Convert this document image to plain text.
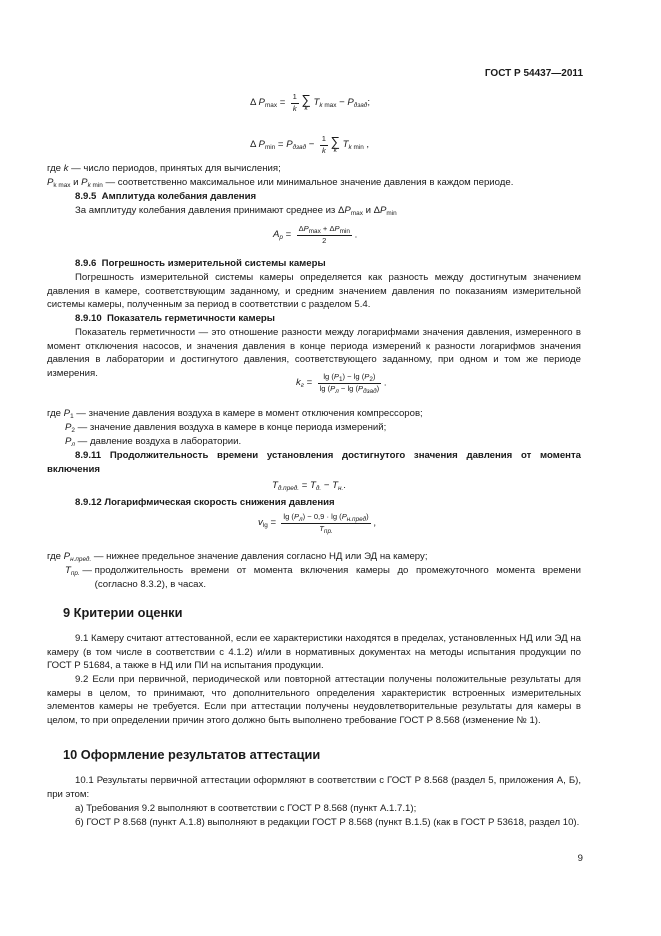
ГОСТ Р 54437—2011
Δ $P_{max} = \frac{1}{k}$
∑
k
$T_{k max} - P_{дзад}$;
Δ $P_{min} = P_{дзад} - \frac{1}{k}$
∑
k
$T_{k min}$ ,
где k — число периодов, принятых для вычисления;
$P_{k max}$ и $P_{k min}$ — соответственно максимальное или минимальное значение давления в каждом периоде.
8.9.5  Амплитуда колебания давления
За амплитуду колебания давления принимают среднее из $\Delta P_{max}$ и $\Delta P_{min}$
$A_p = \frac{\Delta P_{max} + \Delta P_{min}}{2}$ .
8.9.6  Погрешность измерительной системы камеры
Погрешность измерительной системы камеры определяется как разность между достигнутым значением давления в камере, соответствующим заданному, и средним значением давления по показаниям измерительной системы камеры, полученным за период в соответствии с разделом 5.4.
8.9.10  Показатель герметичности камеры
Показатель герметичности — это отношение разности между логарифмами значения давления, измеренного в момент отключения насосов, и значения давления в конце периода измерений к разности логарифмов значения давления в лаборатории и достигнутого давления, соответствующего заданному, при одном и том же периоде измерения.
$k_г = \frac{\lg (P_1) - \lg (P_2)}{\lg (P_л - \lg (P_{дзад})}$ .
где $P_1$ — значение давления воздуха в камере в момент отключения компрессоров;
$P_2$ — значение давления воздуха в камере в конце периода измерений;
$P_л$ — давление воздуха в лаборатории.
8.9.11 Продолжительность времени установления достигнутого значения давления от момента включения
$T_{д.пред.} = T_{д.} - T_{н.}$.
8.9.12 Логарифмическая скорость снижения давления
$v_{lg} = \frac{\lg (P_л) - 0,9 \cdot \lg (P_{н.пред})}{T_{пр.}}$ ,
где $P_{н.пред.}$ — нижнее предельное значение давления согласно НД или ЭД на камеру;
$T_{пр.}$ — продолжительность времени от момента включения камеры до промежуточного момента времени (согласно 8.3.2), в часах.
9 Критерии оценки
9.1 Камеру считают аттестованной, если ее характеристики находятся в пределах, установленных НД или ЭД на камеру (в том числе в соответствии с 4.1.2) и/или в нормативных документах на методы испытания продукции по ГОСТ Р 51684, а также в НД или ПИ на испытания продукции.
9.2 Если при первичной, периодической или повторной аттестации получены положительные результаты для камеры в целом, то принимают, что дополнительного определения характеристик встроенных измерительных элементов камеры не требуется. Если при аттестации получены неудовлетворительные результаты для камеры в целом, то при определении причин этого должно быть выполнено требование ГОСТ Р 8.568 (изменение № 1).
10 Оформление результатов аттестации
10.1 Результаты первичной аттестации оформляют в соответствии с ГОСТ Р 8.568 (раздел 5, приложения А, Б), при этом:
а) Требования 9.2 выполняют в соответствии с ГОСТ Р 8.568 (пункт А.1.7.1);
б) ГОСТ Р 8.568 (пункт А.1.8) выполняют в редакции ГОСТ Р 8.568 (пункт В.1.5) (как в ГОСТ Р 53618, раздел 10).
9
